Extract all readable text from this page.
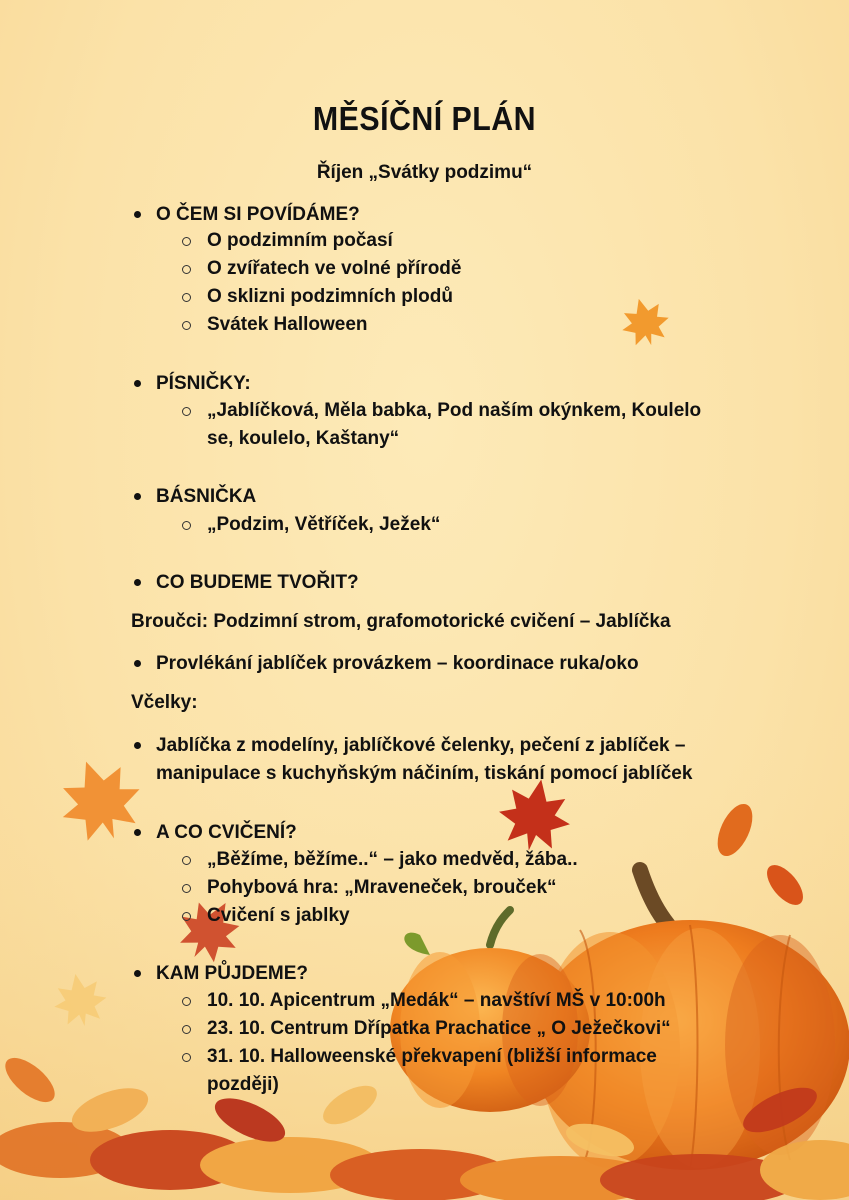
MĚSÍČNÍ PLÁN
Říjen „Svátky podzimu“
O ČEM SI POVÍDÁME?
O podzimním počasí
O zvířatech ve volné přírodě
O sklizni podzimních plodů
Svátek Halloween
PÍSNIČKY:
„Jablíčková, Měla babka, Pod naším okýnkem, Koulelo
se, koulelo, Kaštany“
BÁSNIČKA
„Podzim, Větříček, Ježek“
CO BUDEME TVOŘIT?
Broučci: Podzimní strom, grafomotorické cvičení – Jablíčka
Provlékání jablíček provázkem – koordinace ruka/oko
Včelky:
Jablíčka z modelíny, jablíčkové čelenky, pečení z jablíček –
manipulace s kuchyňským náčiním, tiskání pomocí jablíček
A CO CVIČENÍ?
„Běžíme, běžíme..“ – jako medvěd, žába..
Pohybová hra: „Mraveneček, brouček“
Cvičení s jablky
KAM PŮJDEME?
10. 10. Apicentrum „Medák“ – navštíví MŠ v 10:00h
23. 10. Centrum Dřípatka Prachatice „ O Ježečkovi“
31. 10. Halloweenské překvapení (bližší informace
později)
